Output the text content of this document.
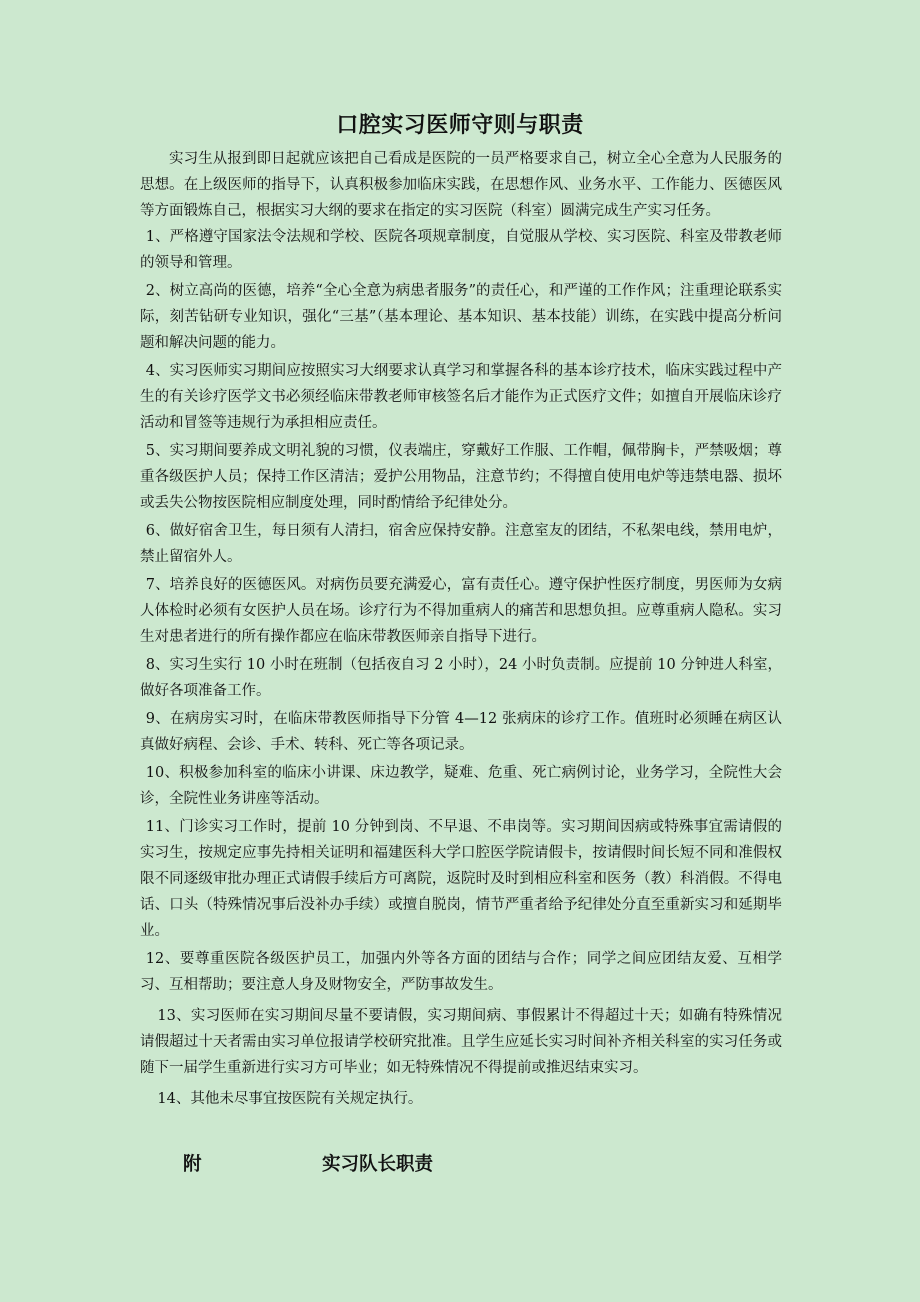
口腔实习医师守则与职责

实习生从报到即日起就应该把自己看成是医院的一员严格要求自己，树立全心全意为人民服务的思想。在上级医师的指导下，认真积极参加临床实践，在思想作风、业务水平、工作能力、医德医风等方面锻炼自己，根据实习大纲的要求在指定的实习医院（科室）圆满完成生产实习任务。

1、严格遵守国家法令法规和学校、医院各项规章制度，自觉服从学校、实习医院、科室及带教老师的领导和管理。

2、树立高尚的医德，培养“全心全意为病患者服务”的责任心，和严谨的工作作风；注重理论联系实际，刻苦钻研专业知识，强化“三基”（基本理论、基本知识、基本技能）训练，在实践中提高分析问题和解决问题的能力。

4、实习医师实习期间应按照实习大纲要求认真学习和掌握各科的基本诊疗技术，临床实践过程中产生的有关诊疗医学文书必须经临床带教老师审核签名后才能作为正式医疗文件；如擅自开展临床诊疗活动和冒签等违规行为承担相应责任。

5、实习期间要养成文明礼貌的习惯，仪表端庄，穿戴好工作服、工作帽，佩带胸卡，严禁吸烟；尊重各级医护人员；保持工作区清洁；爱护公用物品，注意节约；不得擅自使用电炉等违禁电器、损坏或丢失公物按医院相应制度处理，同时酌情给予纪律处分。

6、做好宿舍卫生，每日须有人清扫，宿舍应保持安静。注意室友的团结，不私架电线，禁用电炉，禁止留宿外人。

7、培养良好的医德医风。对病伤员要充满爱心，富有责任心。遵守保护性医疗制度，男医师为女病人体检时必须有女医护人员在场。诊疗行为不得加重病人的痛苦和思想负担。应尊重病人隐私。实习生对患者进行的所有操作都应在临床带教医师亲自指导下进行。

8、实习生实行 10 小时在班制（包括夜自习 2 小时），24 小时负责制。应提前 10 分钟进人科室，做好各项准备工作。

9、在病房实习时，在临床带教医师指导下分管 4—12 张病床的诊疗工作。值班时必须睡在病区认真做好病程、会诊、手术、转科、死亡等各项记录。

10、积极参加科室的临床小讲课、床边教学，疑难、危重、死亡病例讨论，业务学习，全院性大会诊，全院性业务讲座等活动。

11、门诊实习工作时，提前 10 分钟到岗、不早退、不串岗等。实习期间因病或特殊事宜需请假的实习生，按规定应事先持相关证明和福建医科大学口腔医学院请假卡，按请假时间长短不同和准假权限不同逐级审批办理正式请假手续后方可离院，返院时及时到相应科室和医务（教）科消假。不得电话、口头（特殊情况事后没补办手续）或擅自脱岗，情节严重者给予纪律处分直至重新实习和延期毕业。

12、要尊重医院各级医护员工，加强内外等各方面的团结与合作；同学之间应团结友爱、互相学习、互相帮助；要注意人身及财物安全，严防事故发生。

13、实习医师在实习期间尽量不要请假，实习期间病、事假累计不得超过十天；如确有特殊情况请假超过十天者需由实习单位报请学校研究批准。且学生应延长实习时间补齐相关科室的实习任务或随下一届学生重新进行实习方可毕业；如无特殊情况不得提前或推迟结束实习。

14、其他未尽事宜按医院有关规定执行。

附	实习队长职责
